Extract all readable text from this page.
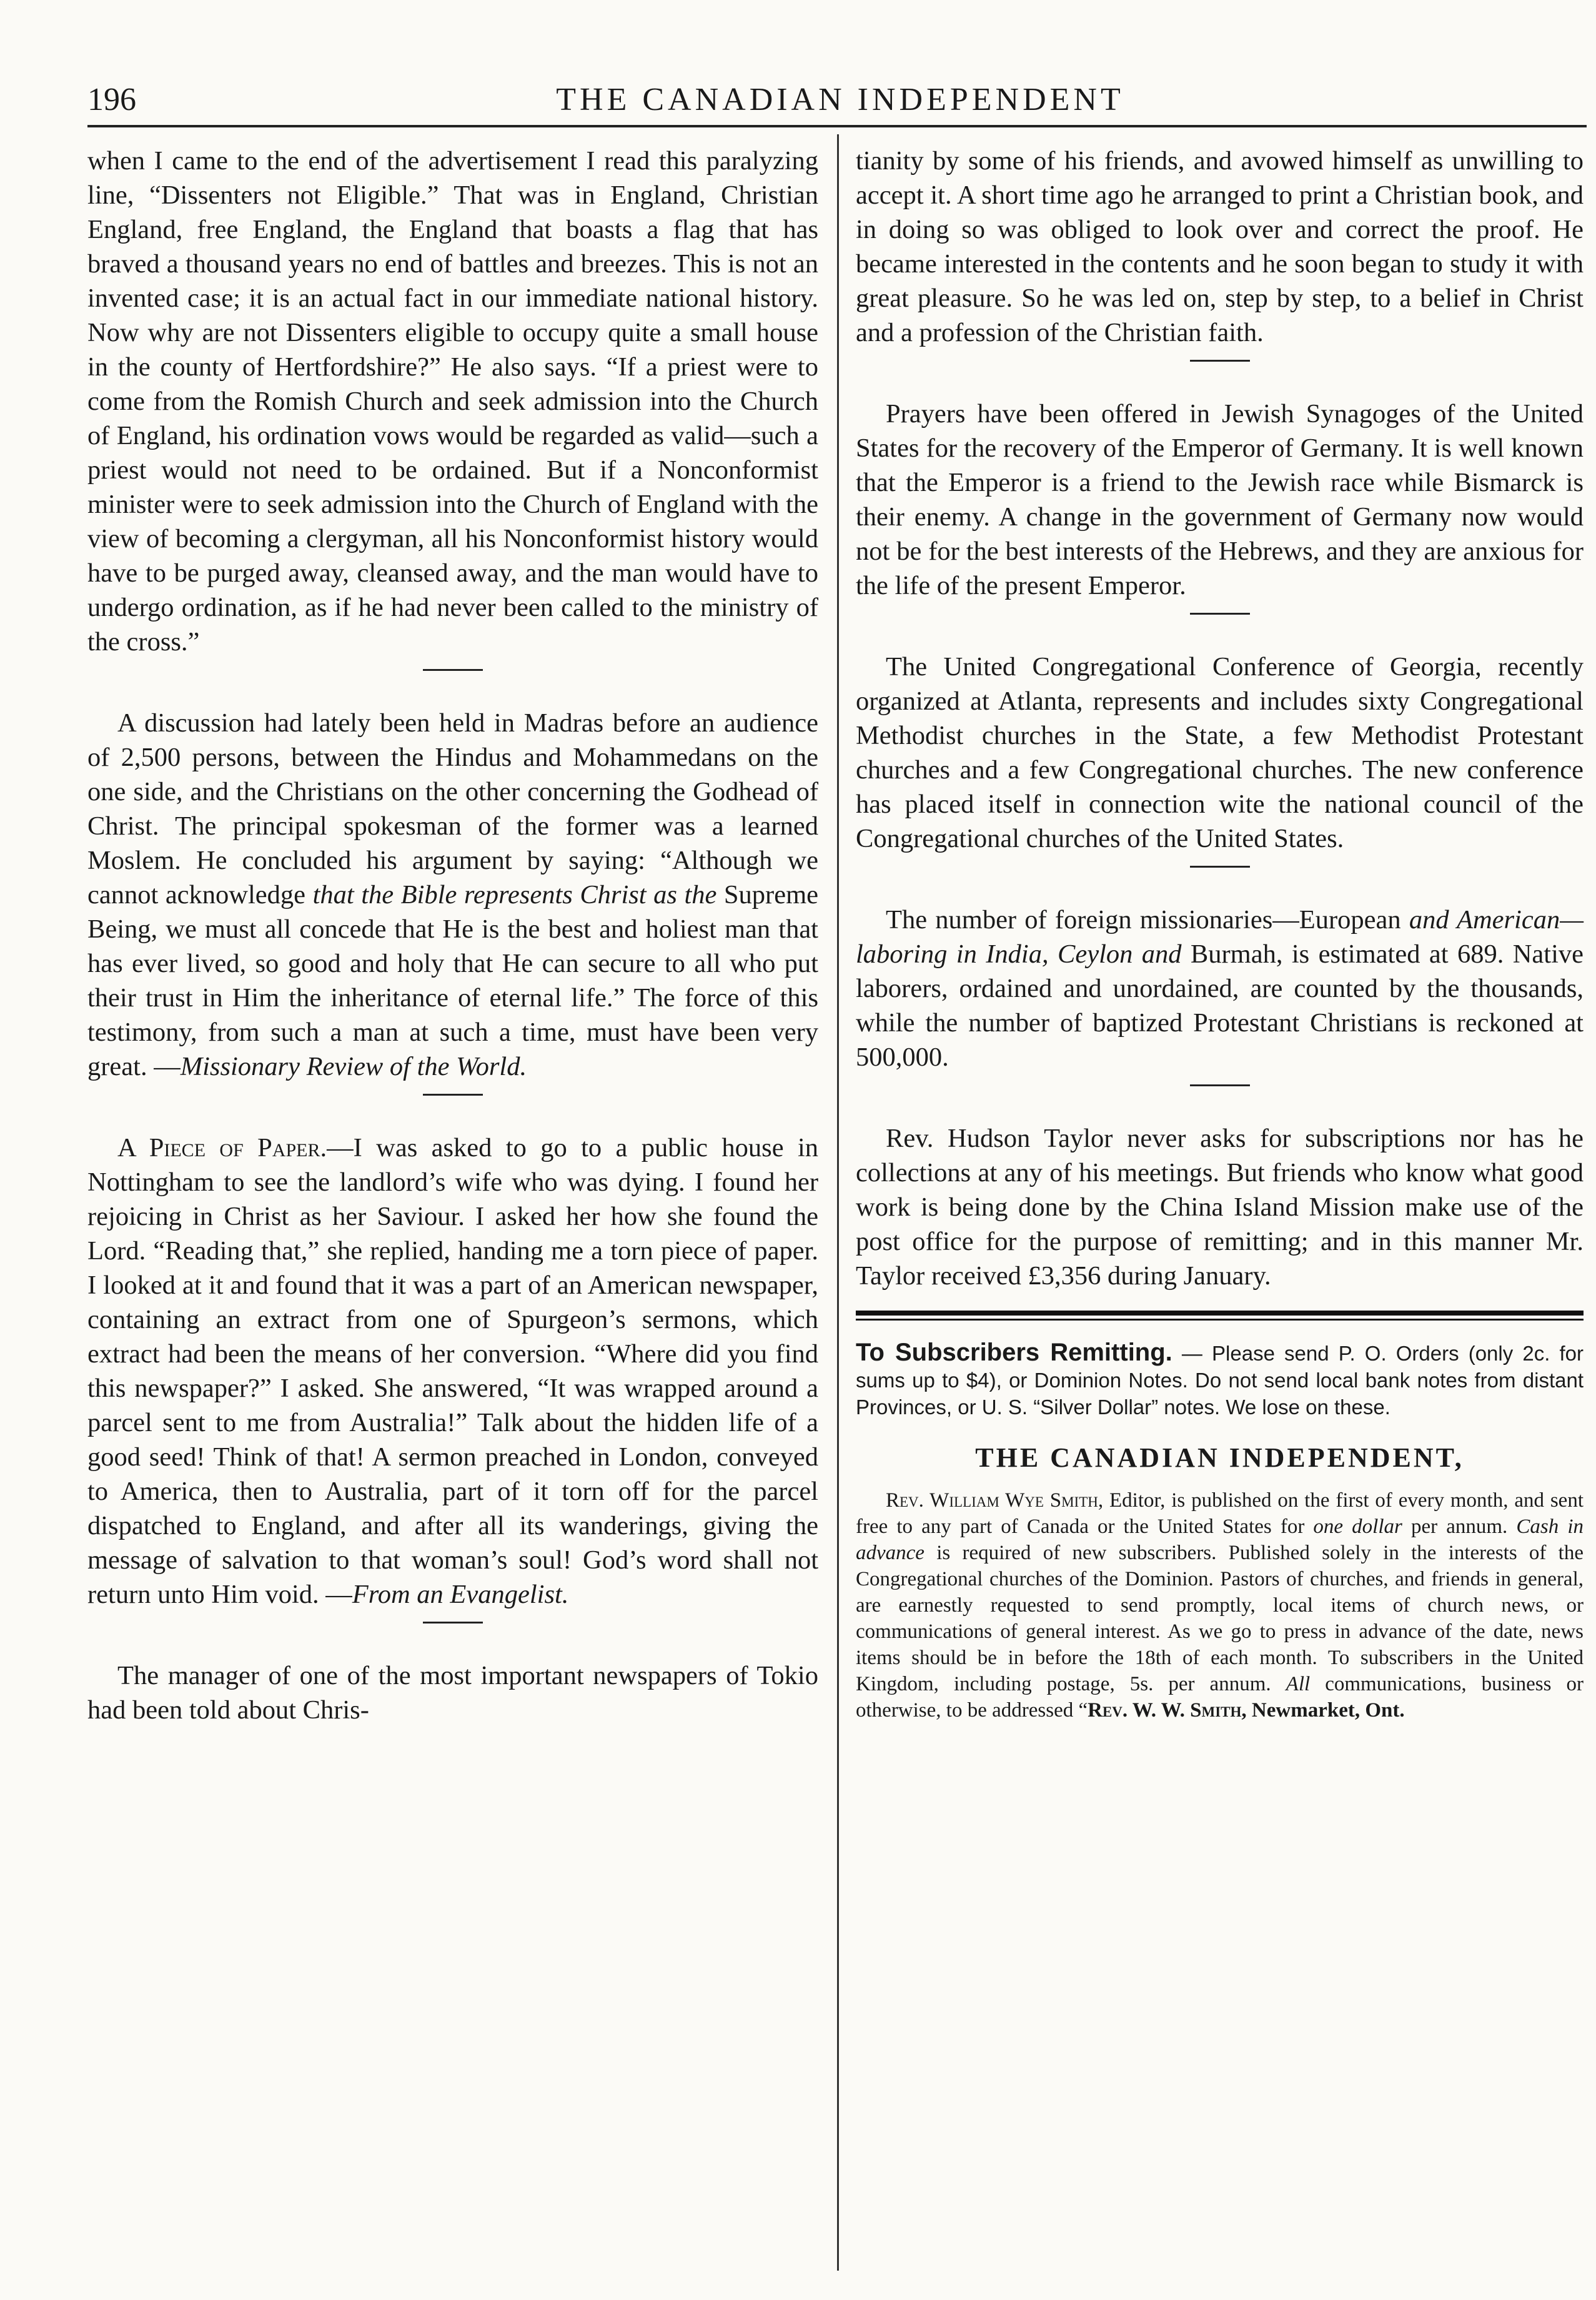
196	THE CANADIAN INDEPENDENT

when I came to the end of the advertisement I read this paralyzing line, “Dissenters not Eligible.” That was in England, Christian England, free England, the England that boasts a flag that has braved a thousand years no end of battles and breezes. This is not an invented case; it is an actual fact in our immediate national history. Now why are not Dissenters eligible to occupy quite a small house in the county of Hertfordshire?” He also says. “If a priest were to come from the Romish Church and seek admission into the Church of England, his ordination vows would be regarded as valid—such a priest would not need to be ordained. But if a Nonconformist minister were to seek admission into the Church of England with the view of becoming a clergyman, all his Nonconformist history would have to be purged away, cleansed away, and the man would have to undergo ordination, as if he had never been called to the ministry of the cross.”

A discussion had lately been held in Madras before an audience of 2,500 persons, between the Hindus and Mohammedans on the one side, and the Christians on the other concerning the Godhead of Christ. The principal spokesman of the former was a learned Moslem. He concluded his argument by saying: “Although we cannot acknowledge that the Bible represents Christ as the Supreme Being, we must all concede that He is the best and holiest man that has ever lived, so good and holy that He can secure to all who put their trust in Him the inheritance of eternal life.” The force of this testimony, from such a man at such a time, must have been very great. —Missionary Review of the World.

A Piece of Paper.—I was asked to go to a public house in Nottingham to see the landlord’s wife who was dying. I found her rejoicing in Christ as her Saviour. I asked her how she found the Lord. “Reading that,” she replied, handing me a torn piece of paper. I looked at it and found that it was a part of an American newspaper, containing an extract from one of Spurgeon’s sermons, which extract had been the means of her conversion. “Where did you find this newspaper?” I asked. She answered, “It was wrapped around a parcel sent to me from Australia!” Talk about the hidden life of a good seed! Think of that! A sermon preached in London, conveyed to America, then to Australia, part of it torn off for the parcel dispatched to England, and after all its wanderings, giving the message of salvation to that woman’s soul! God’s word shall not return unto Him void. —From an Evangelist.

The manager of one of the most important newspapers of Tokio had been told about Chris-

tianity by some of his friends, and avowed himself as unwilling to accept it. A short time ago he arranged to print a Christian book, and in doing so was obliged to look over and correct the proof. He became interested in the contents and he soon began to study it with great pleasure. So he was led on, step by step, to a belief in Christ and a profession of the Christian faith.

Prayers have been offered in Jewish Synagoges of the United States for the recovery of the Emperor of Germany. It is well known that the Emperor is a friend to the Jewish race while Bismarck is their enemy. A change in the government of Germany now would not be for the best interests of the Hebrews, and they are anxious for the life of the present Emperor.

The United Congregational Conference of Georgia, recently organized at Atlanta, represents and includes sixty Congregational Methodist churches in the State, a few Methodist Protestant churches and a few Congregational churches. The new conference has placed itself in connection wite the national council of the Congregational churches of the United States.

The number of foreign missionaries—European and American—laboring in India, Ceylon and Burmah, is estimated at 689. Native laborers, ordained and unordained, are counted by the thousands, while the number of baptized Protestant Christians is reckoned at 500,000.

Rev. Hudson Taylor never asks for subscriptions nor has he collections at any of his meetings. But friends who know what good work is being done by the China Island Mission make use of the post office for the purpose of remitting; and in this manner Mr. Taylor received £3,356 during January.

To Subscribers Remitting. — Please send P. O. Orders (only 2c. for sums up to $4), or Dominion Notes. Do not send local bank notes from distant Provinces, or U. S. “Silver Dollar” notes. We lose on these.

THE CANADIAN INDEPENDENT,

Rev. William Wye Smith, Editor, is published on the first of every month, and sent free to any part of Canada or the United States for one dollar per annum. Cash in advance is required of new subscribers. Published solely in the interests of the Congregational churches of the Dominion. Pastors of churches, and friends in general, are earnestly requested to send promptly, local items of church news, or communications of general interest. As we go to press in advance of the date, news items should be in before the 18th of each month. To subscribers in the United Kingdom, including postage, 5s. per annum. All communications, business or otherwise, to be addressed “Rev. W. W. Smith, Newmarket, Ont.
